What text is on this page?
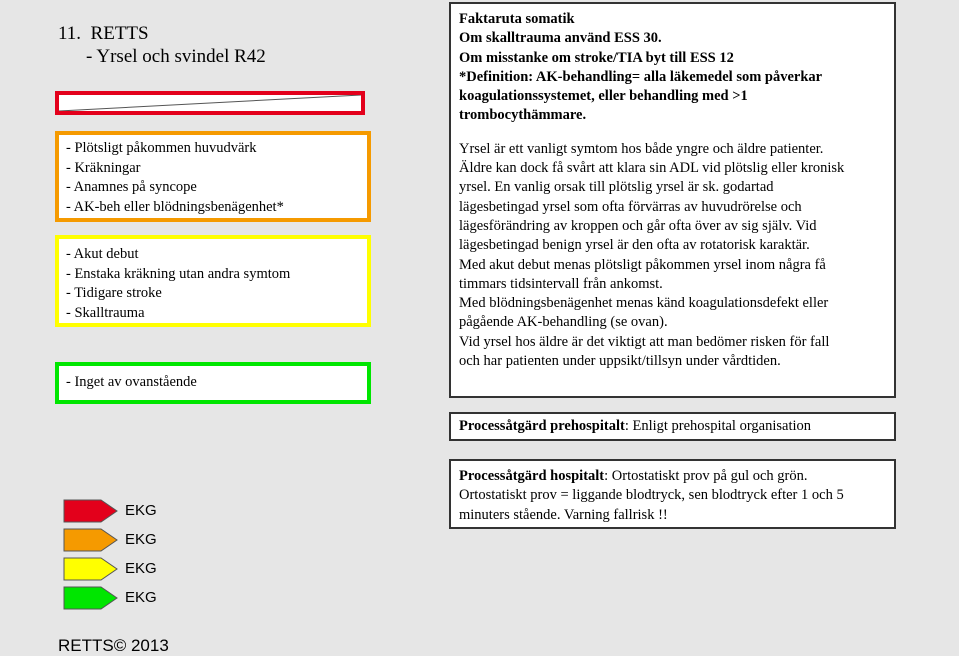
11.  RETTS
- Yrsel och svindel R42
- Plötsligt påkommen huvudvärk
- Kräkningar
- Anamnes på syncope
- AK-beh eller blödningsbenägenhet*
- Akut debut
- Enstaka kräkning utan andra symtom
- Tidigare stroke
- Skalltrauma
- Inget av ovanstående
Faktaruta somatik
Om skalltrauma använd ESS 30.
Om misstanke om stroke/TIA byt till ESS 12
*Definition: AK-behandling= alla läkemedel som påverkar
koagulationssystemet, eller behandling med >1
trombocythämmare.
Yrsel är ett vanligt symtom hos både yngre och äldre patienter.
Äldre kan dock få svårt att klara sin ADL vid plötslig eller kronisk
yrsel. En vanlig orsak till plötslig yrsel är sk. godartad
lägesbetingad yrsel som ofta förvärras av huvudrörelse och
lägesförändring av kroppen och går ofta över av sig själv. Vid
lägesbetingad benign yrsel är den ofta av rotatorisk karaktär.
Med akut debut menas plötsligt påkommen yrsel inom några få
timmars tidsintervall från ankomst.
Med blödningsbenägenhet menas känd koagulationsdefekt eller
pågående AK-behandling (se ovan).
Vid yrsel hos äldre är det viktigt att man bedömer risken för fall
och har patienten under uppsikt/tillsyn under vårdtiden.
Processåtgärd prehospitalt: Enligt prehospital organisation
Processåtgärd hospitalt: Ortostatiskt prov på gul och grön.
Ortostatiskt prov = liggande blodtryck, sen blodtryck efter 1 och 5
minuters stående. Varning fallrisk !!
EKG
EKG
EKG
EKG
RETTS© 2013
